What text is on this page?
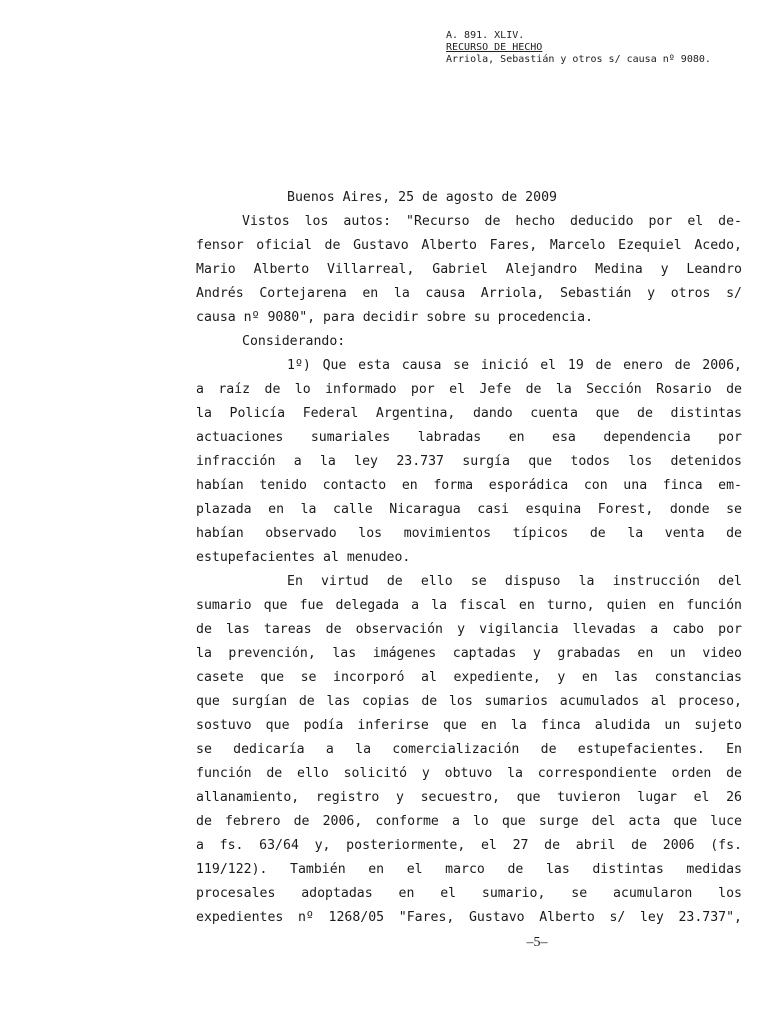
A. 891. XLIV.
RECURSO DE HECHO
Arriola, Sebastián y otros s/ causa nº 9080.
Buenos Aires, 25 de agosto de 2009
Vistos los autos: "Recurso de hecho deducido por el de-
fensor oficial de Gustavo Alberto Fares, Marcelo Ezequiel Acedo,
Mario Alberto Villarreal, Gabriel Alejandro Medina y Leandro
Andrés Cortejarena en la causa Arriola, Sebastián y otros s/
causa nº 9080", para decidir sobre su procedencia.
Considerando:
1º) Que esta causa se inició el 19 de enero de 2006,
a raíz de lo informado por el Jefe de la Sección Rosario de
la Policía Federal Argentina, dando cuenta que de distintas
actuaciones sumariales labradas en esa dependencia por
infracción a la ley 23.737 surgía que todos los detenidos
habían tenido contacto en forma esporádica con una finca em-
plazada en la calle Nicaragua casi esquina Forest, donde se
habían observado los movimientos típicos de la venta de
estupefacientes al menudeo.
En virtud de ello se dispuso la instrucción del
sumario que fue delegada a la fiscal en turno, quien en función
de las tareas de observación y vigilancia llevadas a cabo por
la prevención, las imágenes captadas y grabadas en un video
casete que se incorporó al expediente, y en las constancias
que surgían de las copias de los sumarios acumulados al proceso,
sostuvo que podía inferirse que en la finca aludida un sujeto
se dedicaría a la comercialización de estupefacientes. En
función de ello solicitó y obtuvo la correspondiente orden de
allanamiento, registro y secuestro, que tuvieron lugar el 26
de febrero de 2006, conforme a lo que surge del acta que luce
a fs. 63/64 y, posteriormente, el 27 de abril de 2006 (fs.
119/122). También en el marco de las distintas medidas
procesales adoptadas en el sumario, se acumularon los
expedientes nº 1268/05 "Fares, Gustavo Alberto s/ ley 23.737",
–5–
